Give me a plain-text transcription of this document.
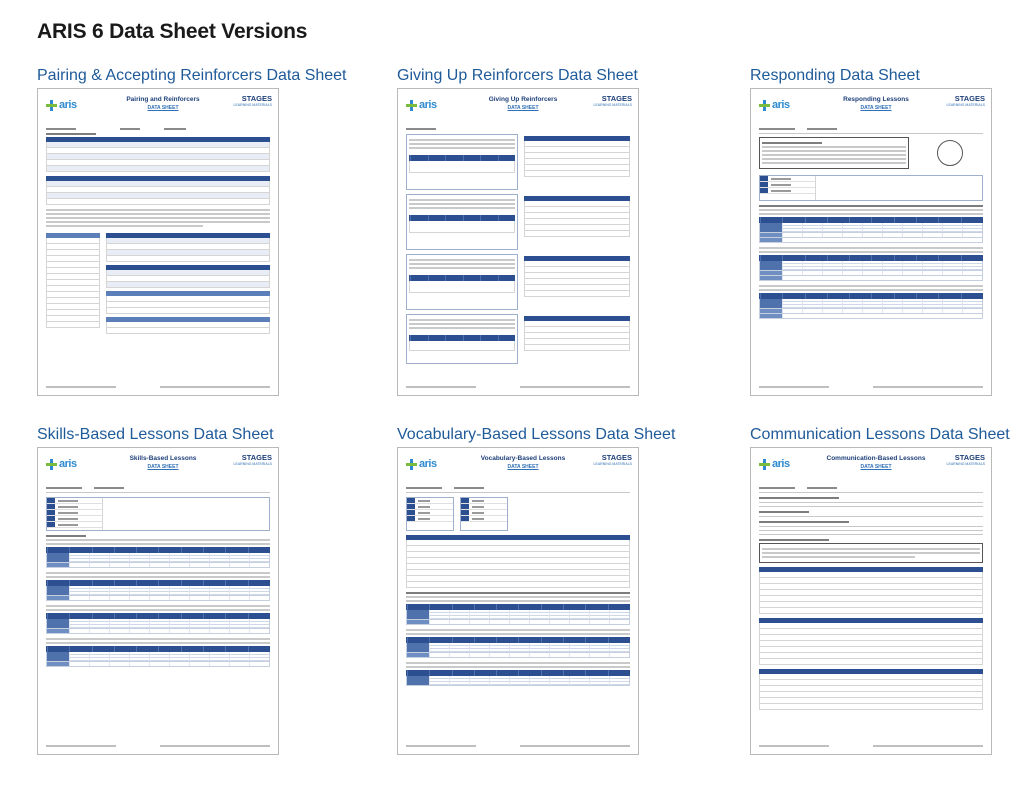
ARIS 6 Data Sheet Versions
Pairing & Accepting Reinforcers Data Sheet
aris	Pairing and Reinforcers
DATA SHEET
STAGES
LEARNING MATERIALS
Giving Up Reinforcers Data Sheet
aris	Giving Up Reinforcers
DATA SHEET
STAGES
LEARNING MATERIALS
Responding Data Sheet
aris	Responding Lessons
DATA SHEET
STAGES
LEARNING MATERIALS
Skills-Based Lessons Data Sheet
aris	Skills-Based Lessons
DATA SHEET
STAGES
LEARNING MATERIALS
Vocabulary-Based Lessons Data Sheet
aris	Vocabulary-Based Lessons
DATA SHEET
STAGES
LEARNING MATERIALS
Communication Lessons Data Sheet
aris	Communication-Based Lessons
DATA SHEET
STAGES
LEARNING MATERIALS
